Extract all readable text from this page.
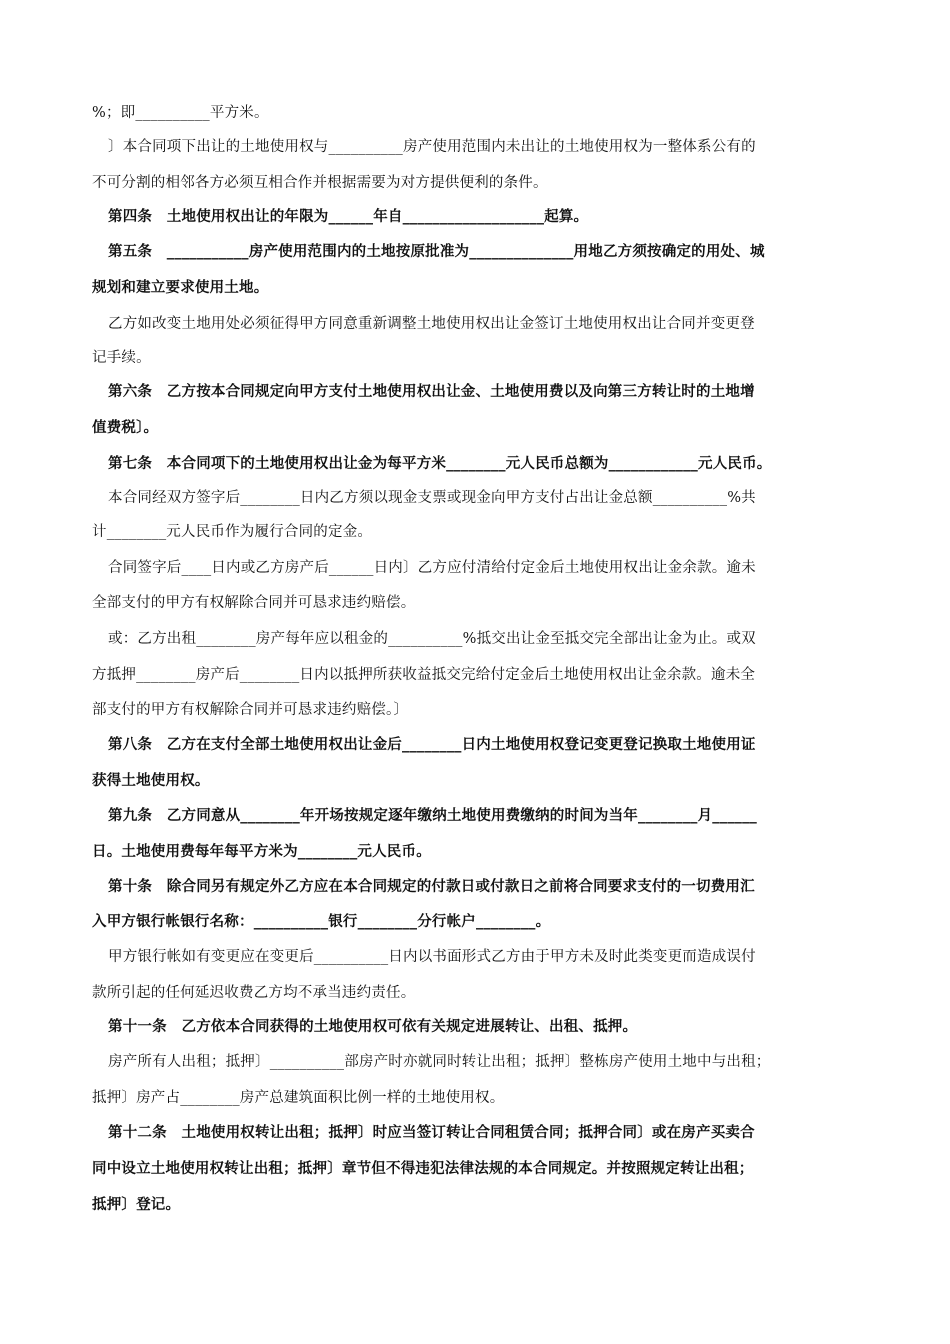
%；即__________平方米。
〕本合同项下出让的土地使用权与__________房产使用范围内未出让的土地使用权为一整体系公有的
不可分割的相邻各方必须互相合作并根据需要为对方提供便利的条件。
第四条　土地使用权出让的年限为______年自___________________起算。
第五条　___________房产使用范围内的土地按原批准为______________用地乙方须按确定的用处、城
规划和建立要求使用土地。
乙方如改变土地用处必须征得甲方同意重新调整土地使用权出让金签订土地使用权出让合同并变更登
记手续。
第六条　乙方按本合同规定向甲方支付土地使用权出让金、土地使用费以及向第三方转让时的土地增
值费税〕。
第七条　本合同项下的土地使用权出让金为每平方米________元人民币总额为____________元人民币。
本合同经双方签字后________日内乙方须以现金支票或现金向甲方支付占出让金总额__________%共
计________元人民币作为履行合同的定金。
合同签字后____日内或乙方房产后______日内〕乙方应付清给付定金后土地使用权出让金余款。逾未
全部支付的甲方有权解除合同并可恳求违约赔偿。
或：乙方出租________房产每年应以租金的__________%抵交出让金至抵交完全部出让金为止。或双
方抵押________房产后________日内以抵押所获收益抵交完给付定金后土地使用权出让金余款。逾未全
部支付的甲方有权解除合同并可恳求违约赔偿。〕
第八条　乙方在支付全部土地使用权出让金后________日内土地使用权登记变更登记换取土地使用证
获得土地使用权。
第九条　乙方同意从________年开场按规定逐年缴纳土地使用费缴纳的时间为当年________月______
日。土地使用费每年每平方米为________元人民币。
第十条　除合同另有规定外乙方应在本合同规定的付款日或付款日之前将合同要求支付的一切费用汇
入甲方银行帐银行名称：__________银行________分行帐户________。
甲方银行帐如有变更应在变更后__________日内以书面形式乙方由于甲方未及时此类变更而造成误付
款所引起的任何延迟收费乙方均不承当违约责任。
第十一条　乙方依本合同获得的土地使用权可依有关规定进展转让、出租、抵押。
房产所有人出租；抵押〕__________部房产时亦就同时转让出租；抵押〕整栋房产使用土地中与出租；
抵押〕房产占________房产总建筑面积比例一样的土地使用权。
第十二条　土地使用权转让出租；抵押〕时应当签订转让合同租赁合同；抵押合同〕或在房产买卖合
同中设立土地使用权转让出租；抵押〕章节但不得违犯法律法规的本合同规定。并按照规定转让出租；
抵押〕登记。
